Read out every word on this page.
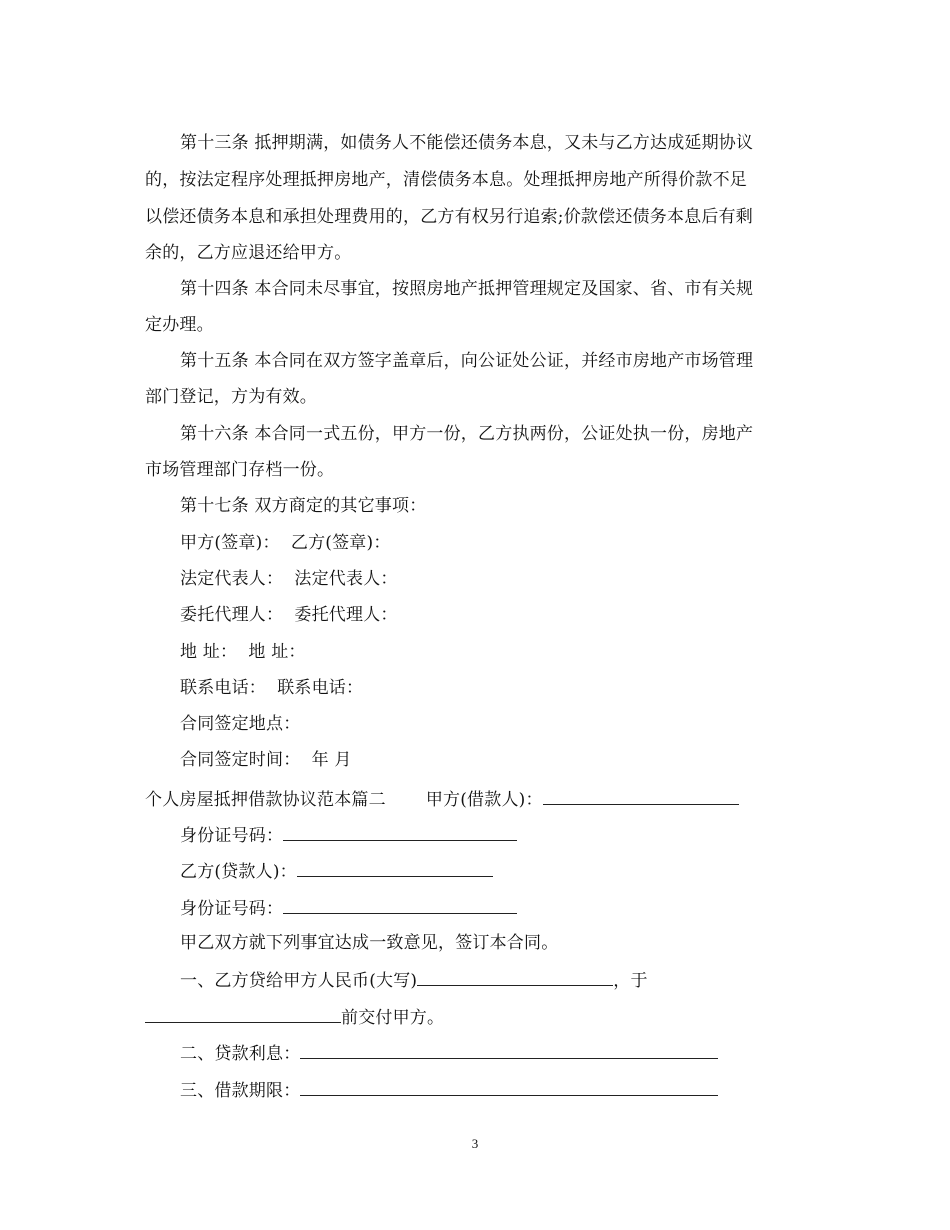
第十三条 抵押期满，如债务人不能偿还债务本息，又未与乙方达成延期协议
的，按法定程序处理抵押房地产，清偿债务本息。处理抵押房地产所得价款不足
以偿还债务本息和承担处理费用的，乙方有权另行追索;价款偿还债务本息后有剩
余的，乙方应退还给甲方。
第十四条 本合同未尽事宜，按照房地产抵押管理规定及国家、省、市有关规
定办理。
第十五条 本合同在双方签字盖章后，向公证处公证，并经市房地产市场管理
部门登记，方为有效。
第十六条 本合同一式五份，甲方一份，乙方执两份，公证处执一份，房地产
市场管理部门存档一份。
第十七条 双方商定的其它事项：
甲方(签章)：  乙方(签章)：
法定代表人：  法定代表人：
委托代理人：  委托代理人：
地 址：  地 址：
联系电话：  联系电话：
合同签定地点：
合同签定时间：  年 月
个人房屋抵押借款协议范本篇二 甲方(借款人)：
身份证号码：
乙方(贷款人)：
身份证号码：
甲乙双方就下列事宜达成一致意见，签订本合同。
一、乙方贷给甲方人民币(大写)	，于
前交付甲方。
二、贷款利息：
三、借款期限：
3
